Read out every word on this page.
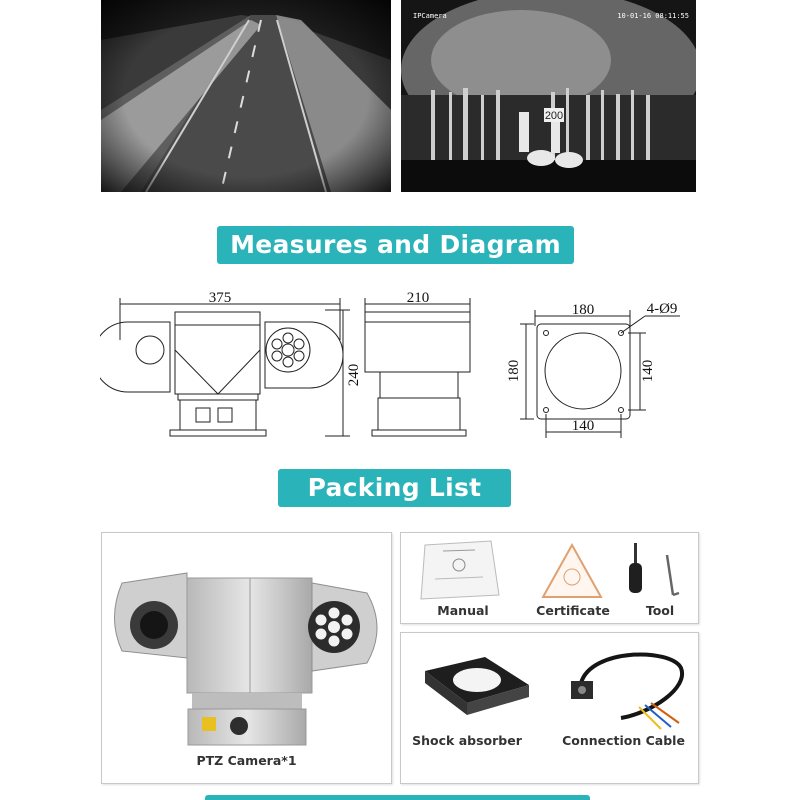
200
IPCamera	10-01-16 08:11:55
Measures and Diagram
375
240
210
180
180
4-Ø9
140
140
Packing List
PTZ Camera*1
Manual	Certificate	Tool
Shock absorber	Connection Cable
